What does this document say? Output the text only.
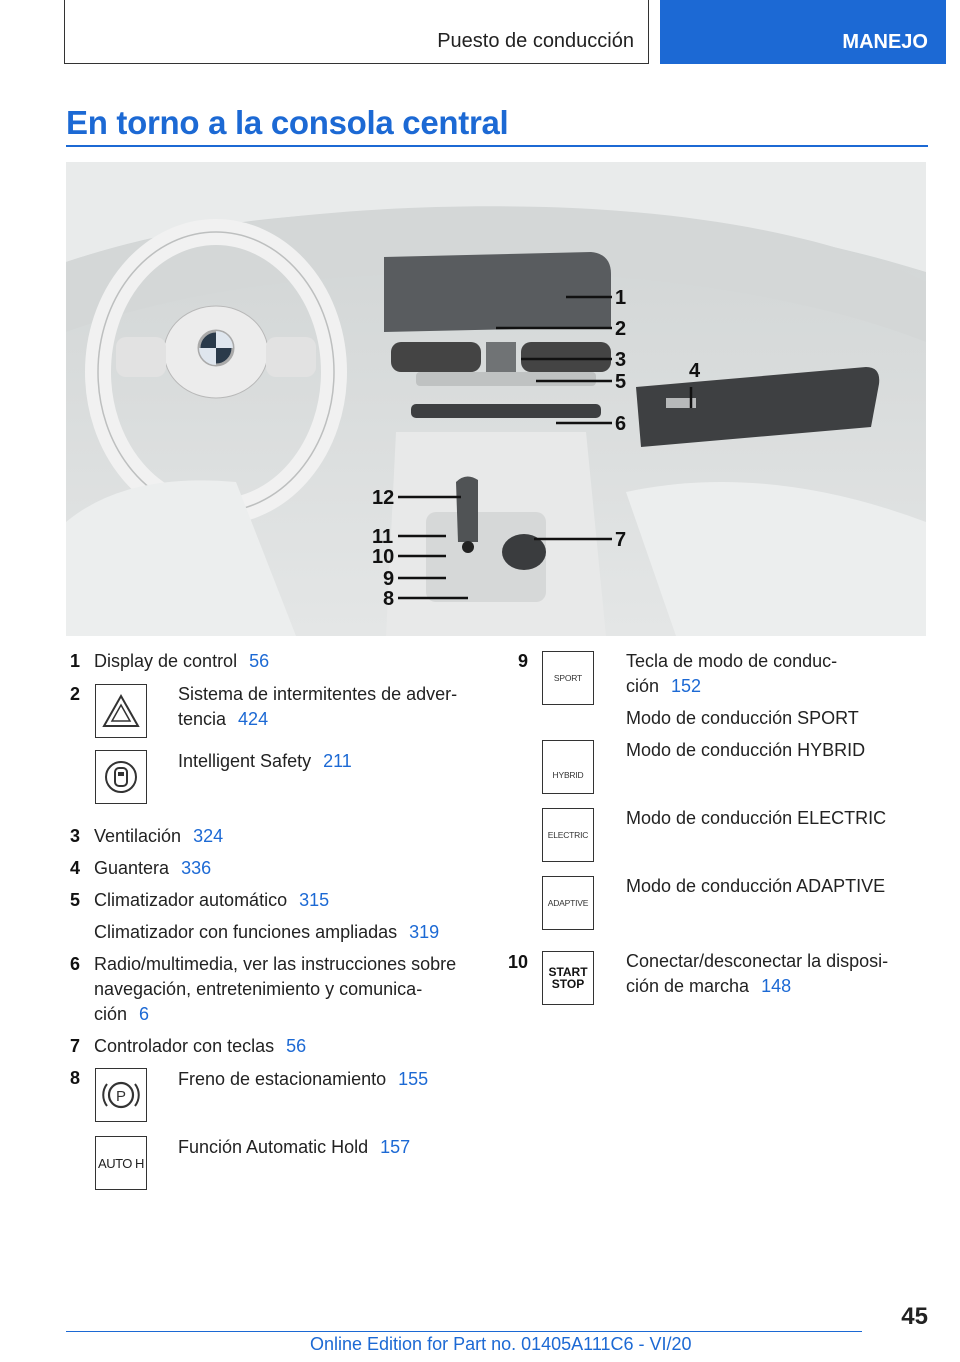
Puesto de conducción	MANEJO
En torno a la consola central
1
2
3	4
5
6
7
8
9
10
11
12
1 Display de control 56
2	Sistema de intermitentes de adver-
tencia 424
Intelligent Safety 211
3 Ventilación 324
4 Guantera 336
5 Climatizador automático 315
Climatizador con funciones ampliadas 319
6 Radio/multimedia, ver las instrucciones sobre
navegación, entretenimiento y comunica-
ción 6
7 Controlador con teclas 56
8
P
Freno de estacionamiento 155
AUTO H
Función Automatic Hold 157
9
SPORT
Tecla de modo de conduc-
ción 152
Modo de conducción SPORT
HYBRID
Modo de conducción HYBRID
ELECTRIC
Modo de conducción ELECTRIC
ADAPTIVE
Modo de conducción ADAPTIVE
10 START
STOP
Conectar/desconectar la disposi-
ción de marcha 148
45
Online Edition for Part no. 01405A111C6 - VI/20
